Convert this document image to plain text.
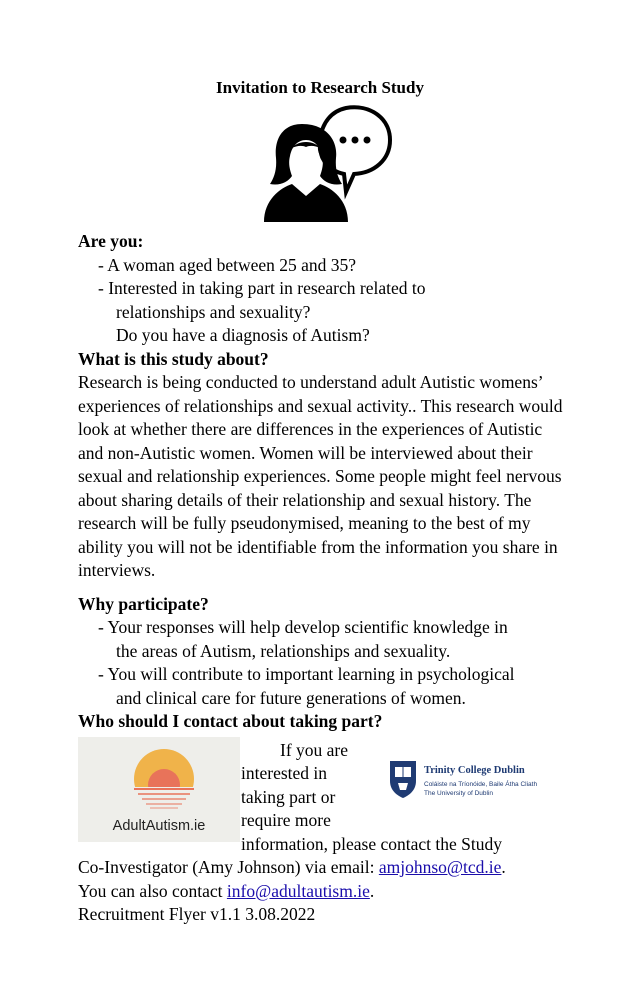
Invitation to Research Study
Are you:
- A woman aged between 25 and 35?
- Interested in taking part in research related to
relationships and sexuality?
Do you have a diagnosis of Autism?
What is this study about?
Research is being conducted to understand adult Autistic womens’ experiences of relationships and sexual activity.. This research would look at whether there are differences in the experiences of Autistic and non-Autistic women. Women will be interviewed about their sexual and relationship experiences. Some people might feel nervous about sharing details of their relationship and sexual history. The research will be fully pseudonymised, meaning to the best of my ability you will not be identifiable from the information you share in interviews.
Why participate?
- Your responses will help develop scientific knowledge in
the areas of Autism, relationships and sexuality.
- You will contribute to important learning in psychological
and clinical care for future generations of women.
Who should I contact about taking part?
AdultAutism.ie
If you are
interested in
taking part or
require more
Trinity College Dublin
Coláiste na Tríonóide, Baile Átha Cliath
The University of Dublin
information, please contact the Study
Co-Investigator (Amy Johnson) via email: amjohnso@tcd.ie.
You can also contact info@adultautism.ie.
Recruitment Flyer v1.1 3.08.2022
